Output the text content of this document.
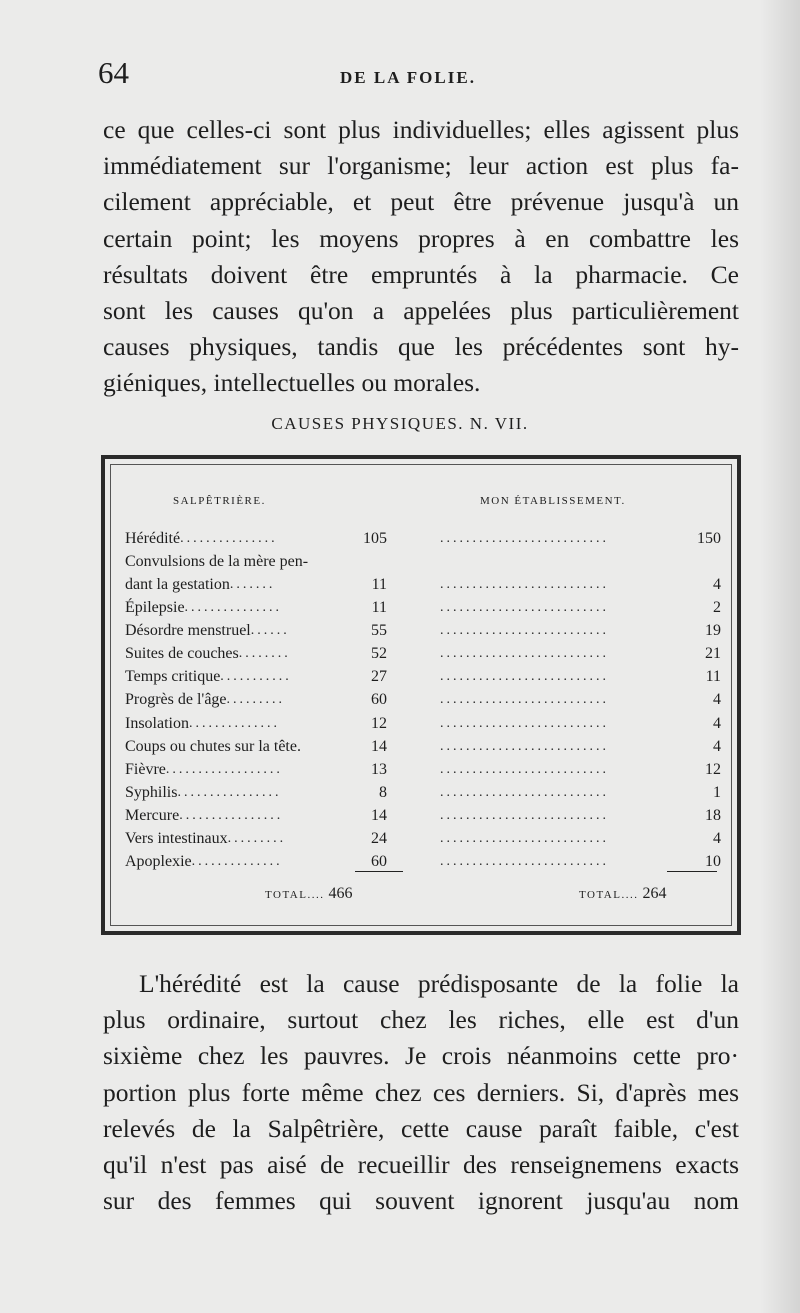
64	DE LA FOLIE.
ce que celles-ci sont plus individuelles; elles agissent plus
immédiatement sur l'organisme; leur action est plus fa-
cilement appréciable, et peut être prévenue jusqu'à un
certain point; les moyens propres à en combattre les
résultats doivent être empruntés à la pharmacie. Ce
sont les causes qu'on a appelées plus particulièrement
causes physiques, tandis que les précédentes sont hy-
giéniques, intellectuelles ou morales.
CAUSES PHYSIQUES. N. VII.
SALPÊTRIÈRE.	MON ÉTABLISSEMENT.
Hérédité ...............	105	..........................	150
Convulsions de la mère pen-
dant la gestation .......	11	..........................	4
Épilepsie ...............	11	..........................	2
Désordre menstruel ......	55	..........................	19
Suites de couches ........	52	..........................	21
Temps critique ...........	27	..........................	11
Progrès de l'âge .........	60	..........................	4
Insolation ..............	12	..........................	4
Coups ou chutes sur la tête.	14	..........................	4
Fièvre ..................	13	..........................	12
Syphilis ................	8	..........................	1
Mercure ................	14	..........................	18
Vers intestinaux .........	24	..........................	4
Apoplexie ..............	60	..........................	10
TOTAL.... 466	TOTAL.... 264
L'hérédité est la cause prédisposante de la folie la
plus ordinaire, surtout chez les riches, elle est d'un
sixième chez les pauvres. Je crois néanmoins cette pro·
portion plus forte même chez ces derniers. Si, d'après mes
relevés de la Salpêtrière, cette cause paraît faible, c'est
qu'il n'est pas aisé de recueillir des renseignemens exacts
sur des femmes qui souvent ignorent jusqu'au nom
